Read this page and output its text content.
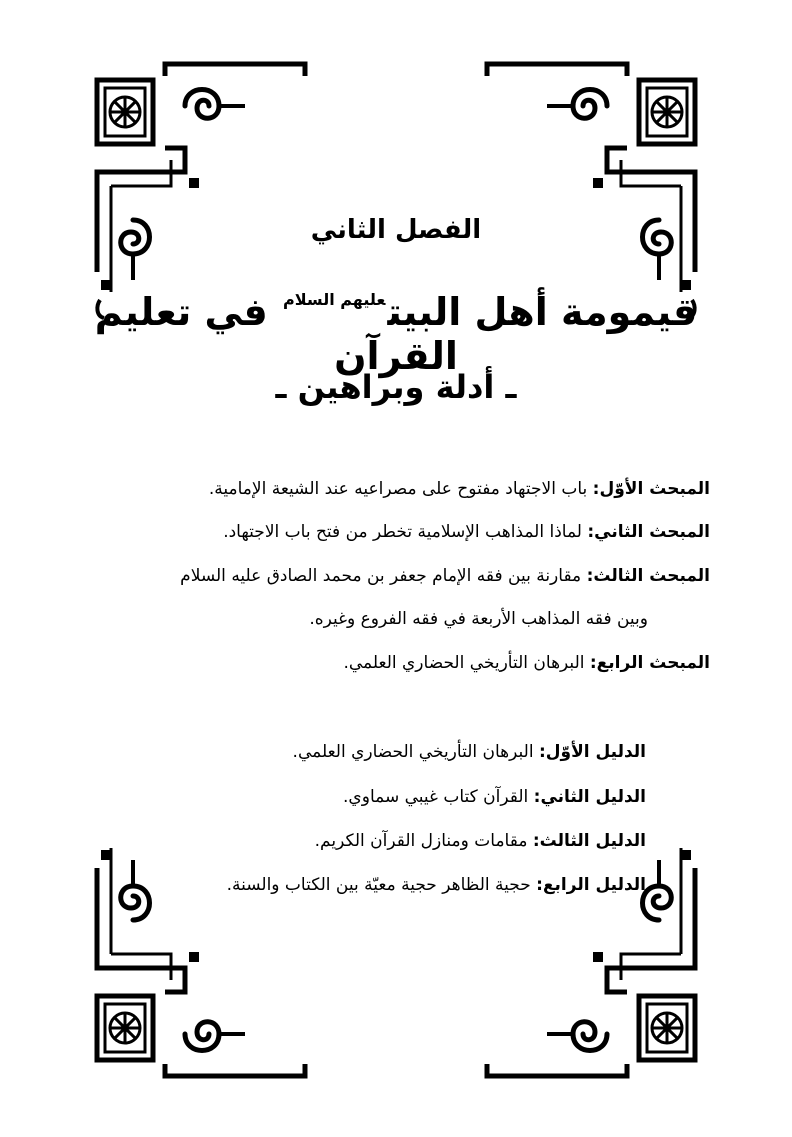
الفصل الثاني
قيمومة أهل البيت$^{عليهم السلام}$ في تعليم القرآن
ـ أدلة وبراهين ـ
المبحث الأوّل: باب الاجتهاد مفتوح على مصراعيه عند الشيعة الإمامية.
المبحث الثاني: لماذا المذاهب الإسلامية تخطر من فتح باب الاجتهاد.
المبحث الثالث: مقارنة بين فقه الإمام جعفر بن محمد الصادق عليه السلام
وبين فقه المذاهب الأربعة في فقه الفروع وغيره.
المبحث الرابع: البرهان التأريخي الحضاري العلمي.
الدليل الأوّل: البرهان التأريخي الحضاري العلمي.
الدليل الثاني: القرآن كتاب غيبي سماوي.
الدليل الثالث: مقامات ومنازل القرآن الكريم.
الدليل الرابع: حجية الظاهر حجية معيّة بين الكتاب والسنة.
